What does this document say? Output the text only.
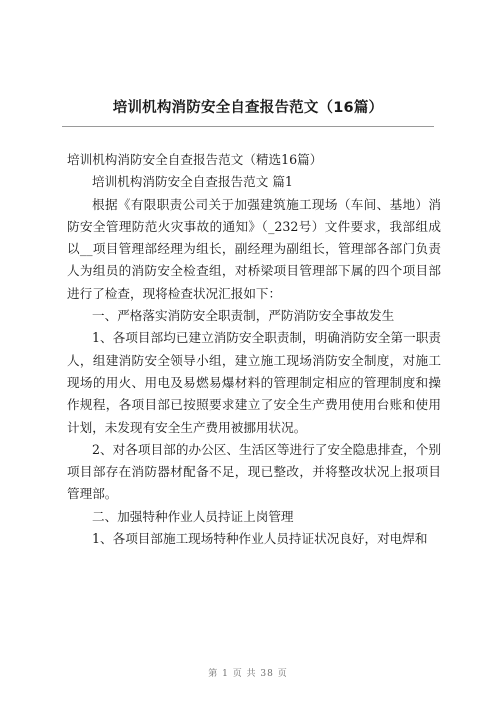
培训机构消防安全自查报告范文（16篇）

培训机构消防安全自查报告范文（精选16篇）

培训机构消防安全自查报告范文 篇1

根据《有限职责公司关于加强建筑施工现场（车间、基地）消防安全管理防范火灾事故的通知》（_232号）文件要求，我部组成以__项目管理部经理为组长，副经理为副组长，管理部各部门负责人为组员的消防安全检查组，对桥梁项目管理部下属的四个项目部进行了检查，现将检查状况汇报如下：

一、严格落实消防安全职责制，严防消防安全事故发生

1、各项目部均已建立消防安全职责制，明确消防安全第一职责人，组建消防安全领导小组，建立施工现场消防安全制度，对施工现场的用火、用电及易燃易爆材料的管理制定相应的管理制度和操作规程，各项目部已按照要求建立了安全生产费用使用台账和使用计划，未发现有安全生产费用被挪用状况。

2、对各项目部的办公区、生活区等进行了安全隐患排查，个别项目部存在消防器材配备不足，现已整改，并将整改状况上报项目管理部。

二、加强特种作业人员持证上岗管理

1、各项目部施工现场特种作业人员持证状况良好，对电焊和

第 1 页 共 38 页
